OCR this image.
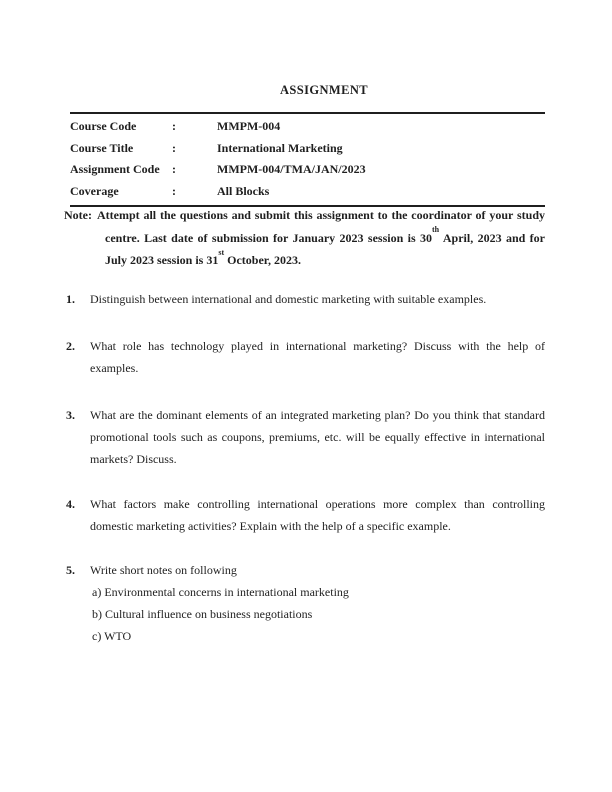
ASSIGNMENT
Course Code	:	MMPM-004
Course Title	:	International Marketing
Assignment Code	:	MMPM-004/TMA/JAN/2023
Coverage	:	All Blocks

Note: Attempt all the questions and submit this assignment to the coordinator of your study centre. Last date of submission for January 2023 session is 30th April, 2023 and for July 2023 session is 31st October, 2023.

1.	Distinguish between international and domestic marketing with suitable examples.
2.	What role has technology played in international marketing? Discuss with the help of examples.
3.	What are the dominant elements of an integrated marketing plan? Do you think that standard promotional tools such as coupons, premiums, etc. will be equally effective in international markets? Discuss.
4.	What factors make controlling international operations more complex than controlling domestic marketing activities? Explain with the help of a specific example.
5.	Write short notes on following
a) Environmental concerns in international marketing
b) Cultural influence on business negotiations
c) WTO
